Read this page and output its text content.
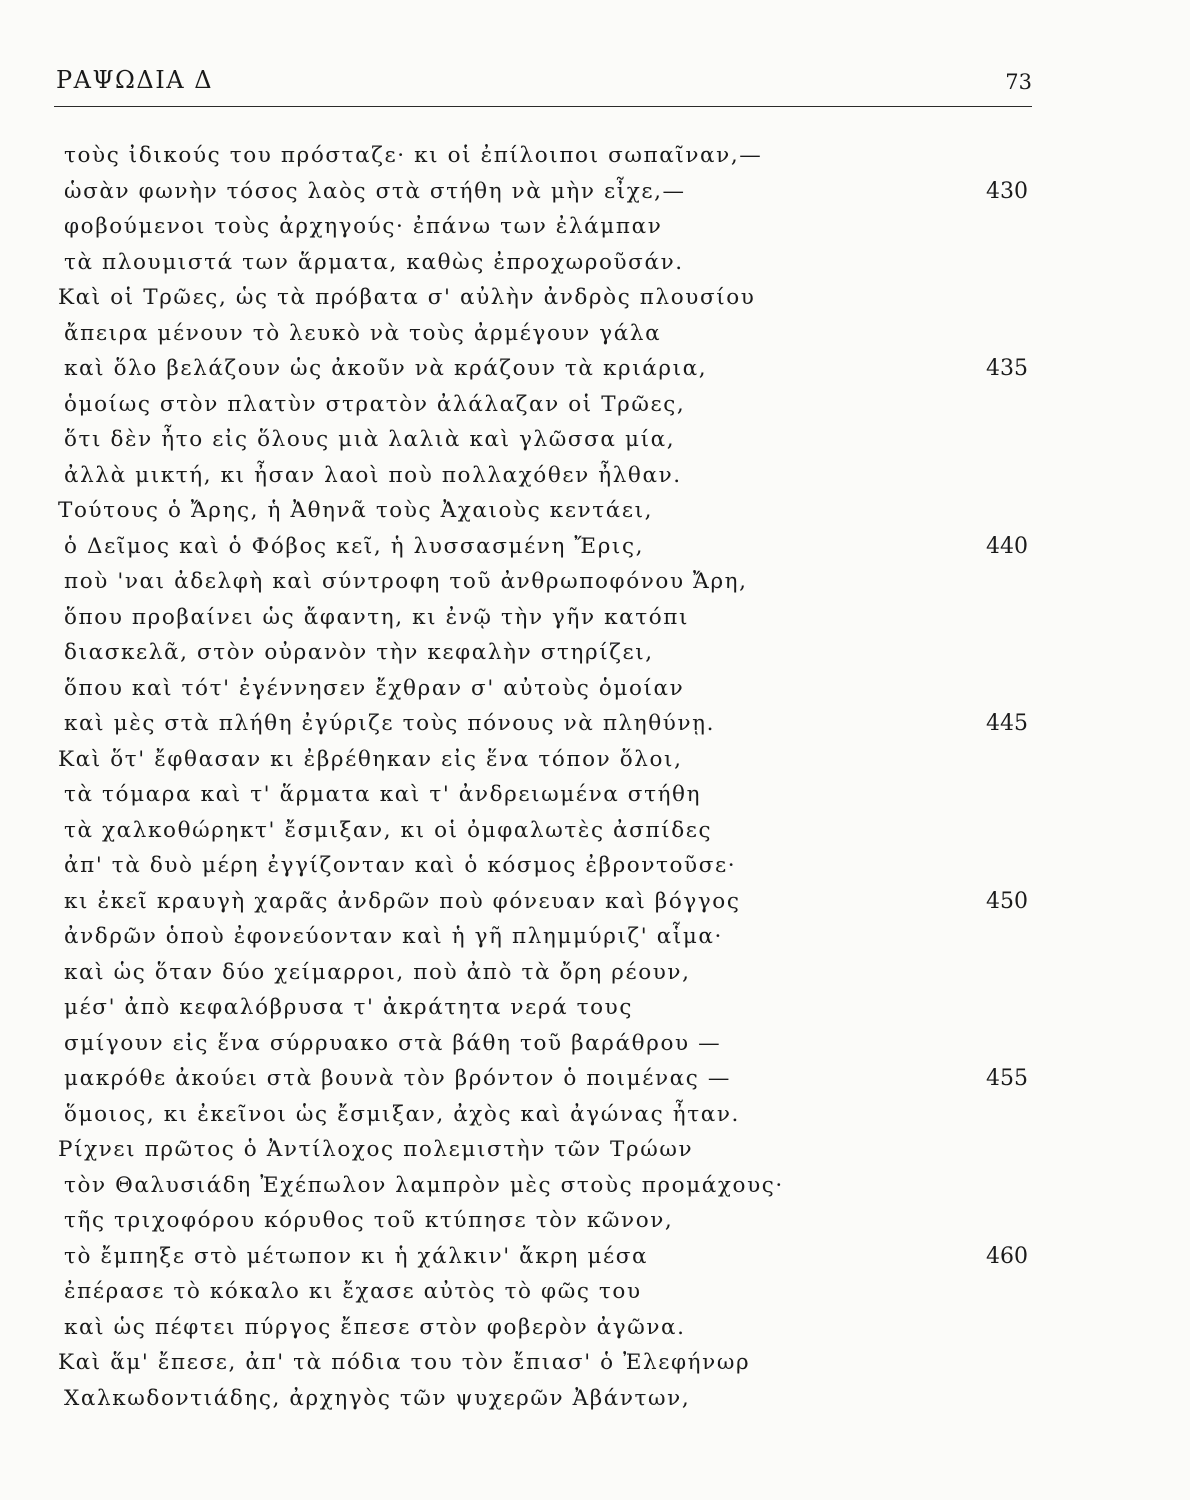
ΡΑΨΩΔΙΑ Δ	73
τοὺς ἰδικούς του πρόσταζε· κι οἱ ἐπίλοιποι σωπαῖναν,—
ὡσὰν φωνὴν τόσος λαὸς στὰ στήθη νὰ μὴν εἶχε,—	430
φοβούμενοι τοὺς ἀρχηγούς· ἐπάνω των ἐλάμπαν
τὰ πλουμιστά των ἅρματα, καθὼς ἐπροχωροῦσάν.
Καὶ οἱ Τρῶες, ὡς τὰ πρόβατα σ' αὐλὴν ἀνδρὸς πλουσίου
ἄπειρα μένουν τὸ λευκὸ νὰ τοὺς ἀρμέγουν γάλα
καὶ ὅλο βελάζουν ὡς ἀκοῦν νὰ κράζουν τὰ κριάρια,	435
ὁμοίως στὸν πλατὺν στρατὸν ἀλάλαζαν οἱ Τρῶες,
ὅτι δὲν ἦτο εἰς ὅλους μιὰ λαλιὰ καὶ γλῶσσα μία,
ἀλλὰ μικτή, κι ἦσαν λαοὶ ποὺ πολλαχόθεν ἦλθαν.
Τούτους ὁ Ἄρης, ἡ Ἀθηνᾶ τοὺς Ἀχαιοὺς κεντάει,
ὁ Δεῖμος καὶ ὁ Φόβος κεῖ, ἡ λυσσασμένη Ἔρις,	440
ποὺ 'ναι ἀδελφὴ καὶ σύντροφη τοῦ ἀνθρωποφόνου Ἄρη,
ὅπου προβαίνει ὡς ἄφαντη, κι ἐνῷ τὴν γῆν κατόπι
διασκελᾶ, στὸν οὐρανὸν τὴν κεφαλὴν στηρίζει,
ὅπου καὶ τότ' ἐγέννησεν ἔχθραν σ' αὐτοὺς ὁμοίαν
καὶ μὲς στὰ πλήθη ἐγύριζε τοὺς πόνους νὰ πληθύνῃ.	445
Καὶ ὅτ' ἔφθασαν κι ἐβρέθηκαν εἰς ἕνα τόπον ὅλοι,
τὰ τόμαρα καὶ τ' ἅρματα καὶ τ' ἀνδρειωμένα στήθη
τὰ χαλκοθώρηκτ' ἔσμιξαν, κι οἱ ὀμφαλωτὲς ἀσπίδες
ἀπ' τὰ δυὸ μέρη ἐγγίζονταν καὶ ὁ κόσμος ἐβροντοῦσε·
κι ἐκεῖ κραυγὴ χαρᾶς ἀνδρῶν ποὺ φόνευαν καὶ βόγγος	450
ἀνδρῶν ὁποὺ ἐφονεύονταν καὶ ἡ γῆ πλημμύριζ' αἷμα·
καὶ ὡς ὅταν δύο χείμαρροι, ποὺ ἀπὸ τὰ ὄρη ρέουν,
μέσ' ἀπὸ κεφαλόβρυσα τ' ἀκράτητα νερά τους
σμίγουν εἰς ἕνα σύρρυακο στὰ βάθη τοῦ βαράθρου —
μακρόθε ἀκούει στὰ βουνὰ τὸν βρόντον ὁ ποιμένας —	455
ὅμοιος, κι ἐκεῖνοι ὡς ἔσμιξαν, ἀχὸς καὶ ἀγώνας ἦταν.
Ρίχνει πρῶτος ὁ Ἀντίλοχος πολεμιστὴν τῶν Τρώων
τὸν Θαλυσιάδη Ἐχέπωλον λαμπρὸν μὲς στοὺς προμάχους·
τῆς τριχοφόρου κόρυθος τοῦ κτύπησε τὸν κῶνον,
τὸ ἔμπηξε στὸ μέτωπον κι ἡ χάλκιν' ἄκρη μέσα	460
ἐπέρασε τὸ κόκαλο κι ἔχασε αὐτὸς τὸ φῶς του
καὶ ὡς πέφτει πύργος ἔπεσε στὸν φοβερὸν ἀγῶνα.
Καὶ ἅμ' ἔπεσε, ἀπ' τὰ πόδια του τὸν ἔπιασ' ὁ Ἐλεφήνωρ
Χαλκωδοντιάδης, ἀρχηγὸς τῶν ψυχερῶν Ἀβάντων,
